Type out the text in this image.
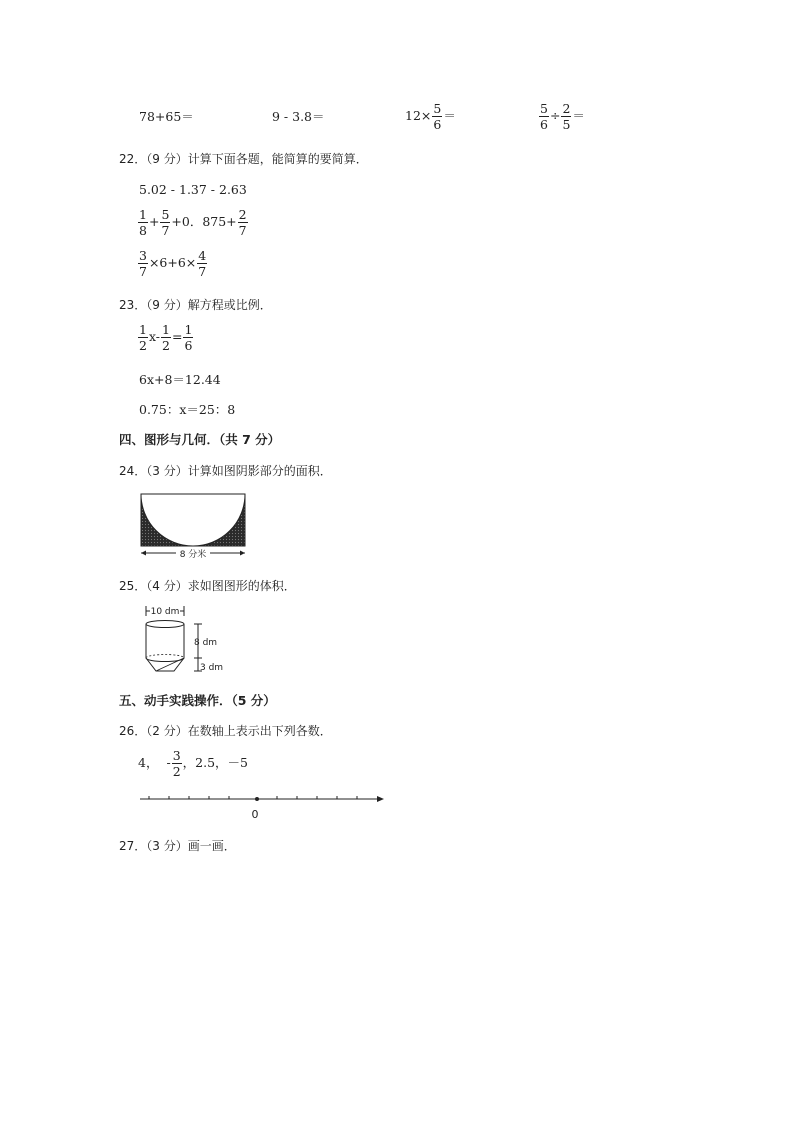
78+65＝	9 - 3.8＝	$12\times \frac{5}{6}$ ＝	$\frac{5}{6} \div \frac{2}{5}$ ＝
22．（9 分）计算下面各题，能简算的要简算．
5.02 - 1.37 - 2.63
$\frac{1}{8} + \frac{5}{7} +0$．$875+ \frac{2}{7}$
$\frac{3}{7} \times 6+6\times \frac{4}{7}$
23．（9 分）解方程或比例．
$\frac{1}{2} x- \frac{1}{2} = \frac{1}{6}$
6x+8＝12.44
0.75：x＝25：8
四、图形与几何．（共 7 分）
24．（3 分）计算如图阴影部分的面积．
8 分米
25．（4 分）求如图图形的体积．
10 dm
8 dm
3 dm
五、动手实践操作．（5 分）
26．（2 分）在数轴上表示出下列各数．
4， - $\frac{3}{2}$ ，2.5，－5
0
27．（3 分）画一画．
